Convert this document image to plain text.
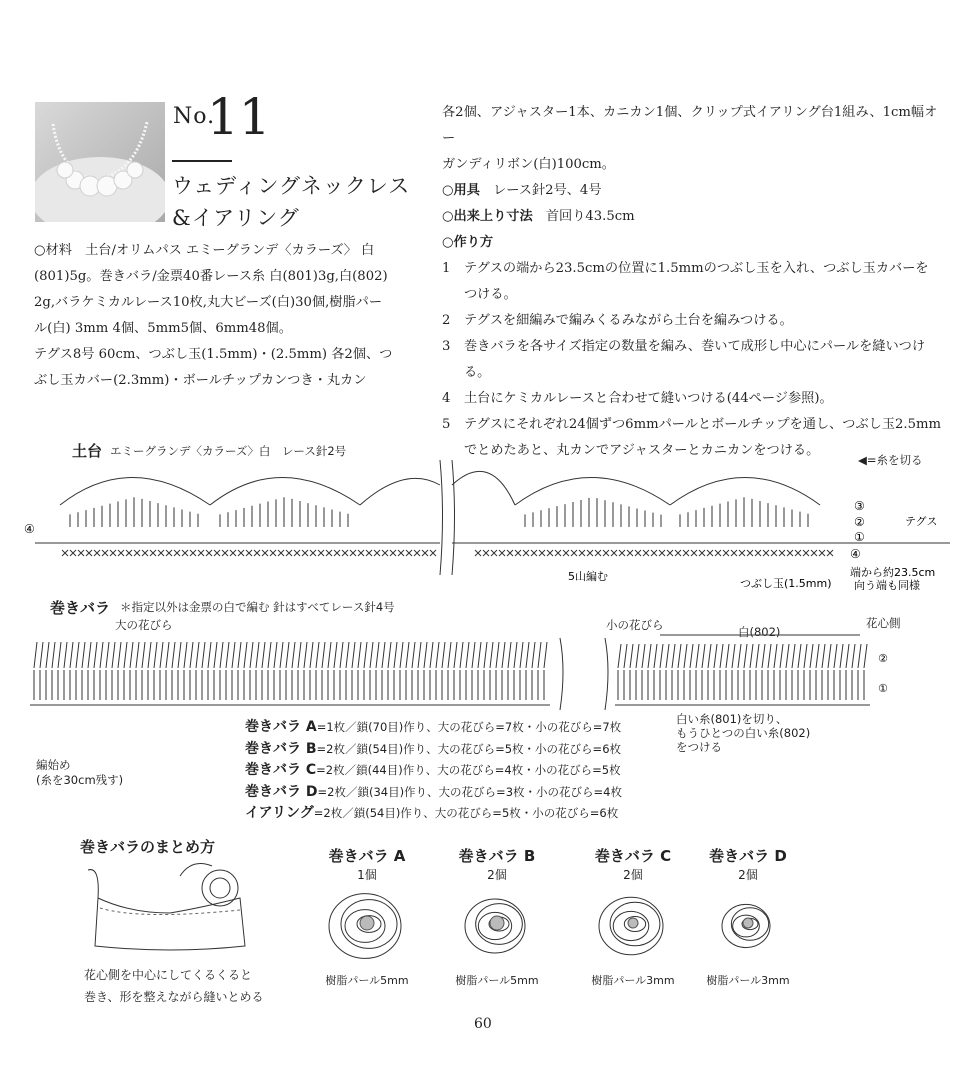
No.
11
ウェディングネックレス
&イアリング
○材料　土台/オリムパス エミーグランデ〈カラーズ〉 白
(801)5g。巻きバラ/金票40番レース糸 白(801)3g,白(802)
2g,バラケミカルレース10枚,丸大ビーズ(白)30個,樹脂パー
ル(白) 3mm 4個、5mm5個、6mm48個。
テグス8号 60cm、つぶし玉(1.5mm)・(2.5mm) 各2個、つ
ぶし玉カバー(2.3mm)・ボールチップカンつき・丸カン
各2個、アジャスター1本、カニカン1個、クリップ式イアリング台1組み、1cm幅オー
ガンディリボン(白)100cm。
○用具　 レース針2号、4号
○出来上り寸法　 首回り43.5cm
○作り方
1	テグスの端から23.5cmの位置に1.5mmのつぶし玉を入れ、つぶし玉カバーを
つける。
2	テグスを細編みで編みくるみながら土台を編みつける。
3	巻きバラを各サイズ指定の数量を編み、巻いて成形し中心にパールを縫いつけ
る。
4	土台にケミカルレースと合わせて縫いつける(44ページ参照)。
5	テグスにそれぞれ24個ずつ6mmパールとボールチップを通し、つぶし玉2.5mm
でとめたあと、丸カンでアジャスターとカニカンをつける。
土台 エミーグランデ〈カラーズ〉白　レース針2号
◀=糸を切る
③
②
①
④
④
テグス
5山編む
つぶし玉(1.5mm)
端から約23.5cm
向う端も同様
巻きバラ ＊指定以外は金票の白で編む 針はすべてレース針4号
大の花びら	小の花びら	白(802)
花心側
②
①
編始め
(糸を30cm残す)
白い糸(801)を切り、
もうひとつの白い糸(802)
をつける
巻きバラ A=1枚／鎖(70目)作り、大の花びら=7枚・小の花びら=7枚
巻きバラ B=2枚／鎖(54目)作り、大の花びら=5枚・小の花びら=6枚
巻きバラ C=2枚／鎖(44目)作り、大の花びら=4枚・小の花びら=5枚
巻きバラ D=2枚／鎖(34目)作り、大の花びら=3枚・小の花びら=4枚
イアリング=2枚／鎖(54目)作り、大の花びら=5枚・小の花びら=6枚
巻きバラのまとめ方
花心側を中心にしてくるくると
巻き、形を整えながら縫いとめる
巻きバラ A
1個
樹脂パール5mm
巻きバラ B
2個
樹脂パール5mm
巻きバラ C
2個
樹脂パール3mm
巻きバラ D
2個
樹脂パール3mm
60
